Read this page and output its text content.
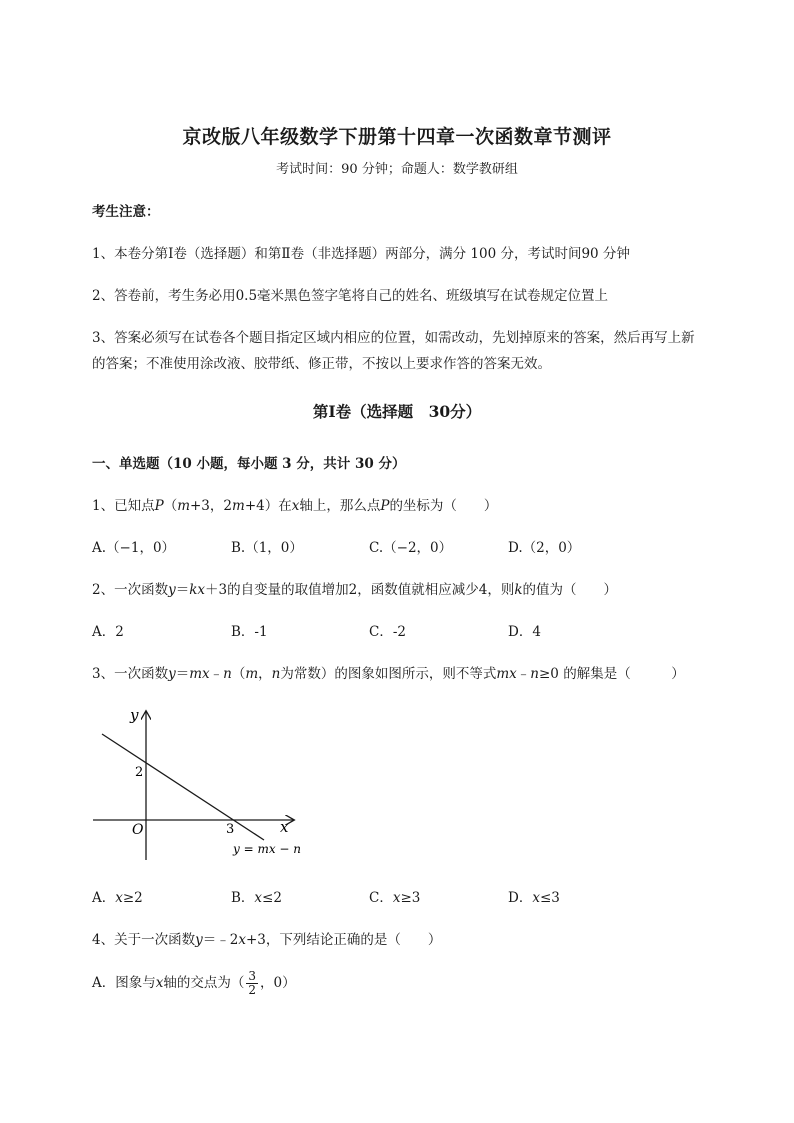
京改版八年级数学下册第十四章一次函数章节测评
考试时间：90 分钟；命题人：数学教研组
考生注意：
1、本卷分第Ⅰ卷（选择题）和第Ⅱ卷（非选择题）两部分，满分 100 分，考试时间90 分钟
2、答卷前，考生务必用0.5毫米黑色签字笔将自己的姓名、班级填写在试卷规定位置上
3、答案必须写在试卷各个题目指定区域内相应的位置，如需改动，先划掉原来的答案，然后再写上新
的答案；不准使用涂改液、胶带纸、修正带，不按以上要求作答的答案无效。
第Ⅰ卷（选择题　30分）
一、单选题（10 小题，每小题 3 分，共计 30 分）
1、已知点P（m+3，2m+4）在x轴上，那么点P的坐标为（　　）
A.（−1，0）	B.（1，0）	C.（−2，0）	D.（2，0）
2、一次函数y＝kx＋3的自变量的取值增加2，函数值就相应减少4，则k的值为（　　）
A．2	B．-1	C．-2	D．4
3、一次函数y＝mx﹣n（m，n为常数）的图象如图所示，则不等式mx﹣n≥0 的解集是（　　　）
y
x
O
2
3
y = mx − n
A．x≥2	B．x≤2	C．x≥3	D．x≤3
4、关于一次函数y＝﹣2x+3，下列结论正确的是（　　）
A．图象与x轴的交点为（ $\frac{3}{2}$ ，0）
